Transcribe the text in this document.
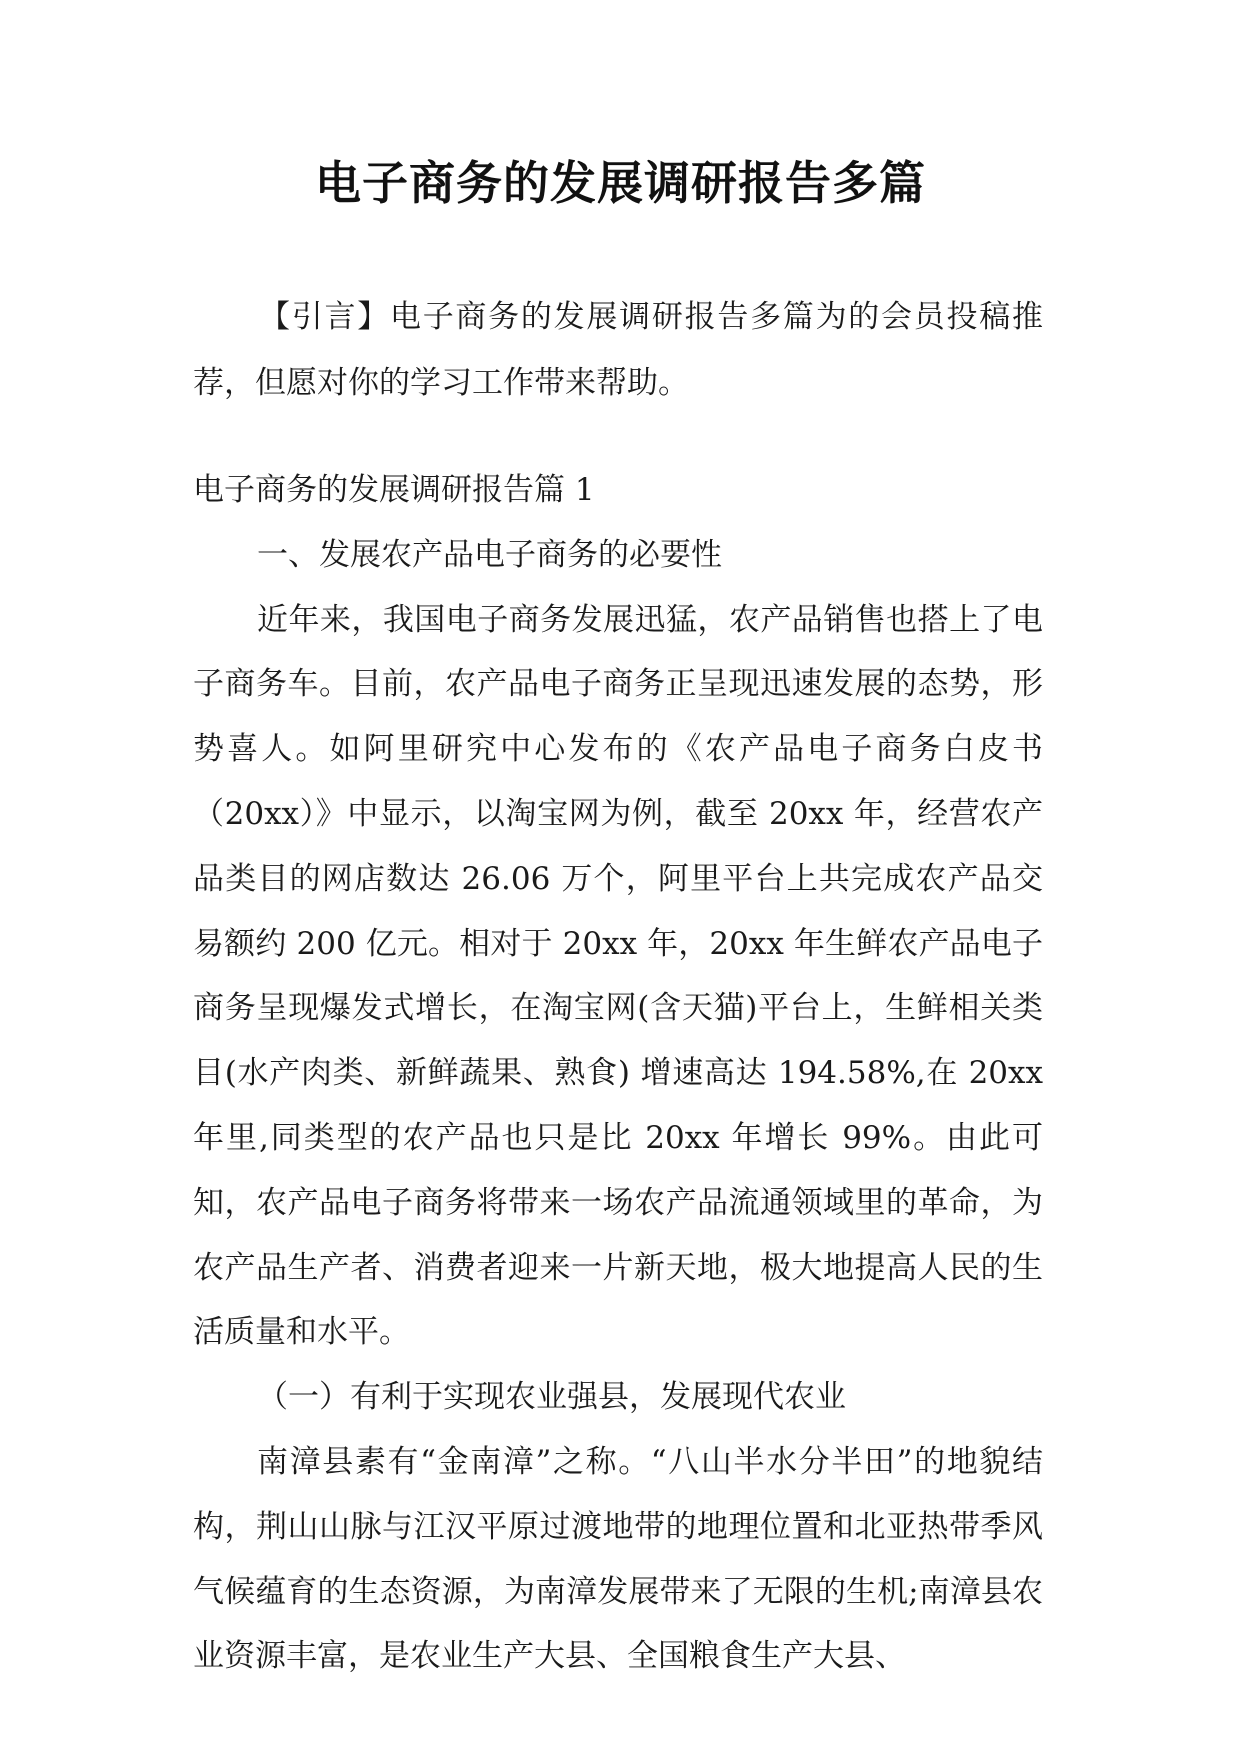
电子商务的发展调研报告多篇

【引言】电子商务的发展调研报告多篇为的会员投稿推荐，但愿对你的学习工作带来帮助。

电子商务的发展调研报告篇 1

一、发展农产品电子商务的必要性

近年来，我国电子商务发展迅猛，农产品销售也搭上了电子商务车。目前，农产品电子商务正呈现迅速发展的态势，形势喜人。如阿里研究中心发布的《农产品电子商务白皮书（20xx）》中显示，以淘宝网为例，截至 20xx 年，经营农产品类目的网店数达 26.06 万个，阿里平台上共完成农产品交易额约 200 亿元。相对于 20xx 年，20xx 年生鲜农产品电子商务呈现爆发式增长，在淘宝网(含天猫)平台上，生鲜相关类目(水产肉类、新鲜蔬果、熟食) 增速高达 194.58%,在 20xx 年里,同类型的农产品也只是比 20xx 年增长 99%。由此可知，农产品电子商务将带来一场农产品流通领域里的革命，为农产品生产者、消费者迎来一片新天地，极大地提高人民的生活质量和水平。

（一）有利于实现农业强县，发展现代农业

南漳县素有“金南漳”之称。“八山半水分半田”的地貌结构，荆山山脉与江汉平原过渡地带的地理位置和北亚热带季风气候蕴育的生态资源，为南漳发展带来了无限的生机;南漳县农业资源丰富，是农业生产大县、全国粮食生产大县、
